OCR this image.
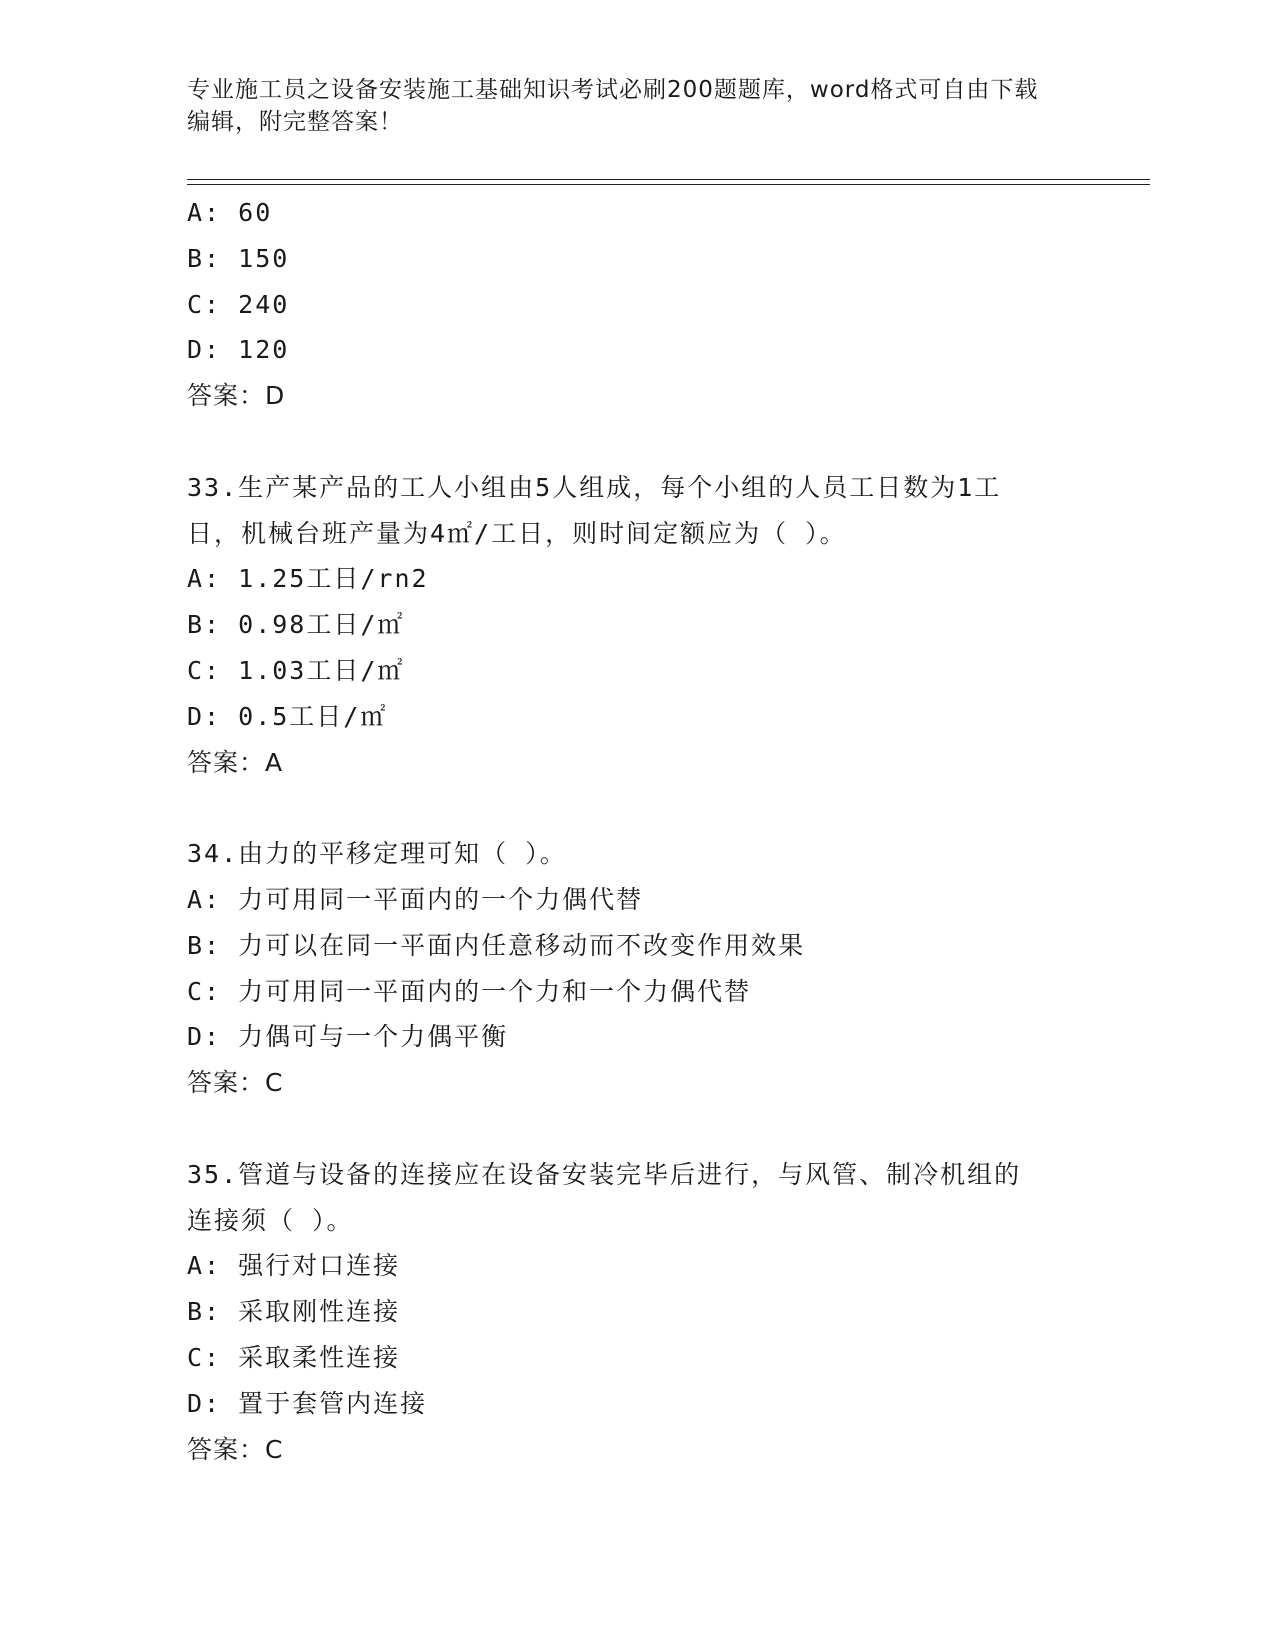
专业施工员之设备安装施工基础知识考试必刷200题题库，word格式可自由下载
编辑，附完整答案！
A: 60
B: 150
C: 240
D: 120
答案：D
33.生产某产品的工人小组由5人组成，每个小组的人员工日数为1工
日，机械台班产量为4㎡/工日，则时间定额应为（ ）。
A: 1.25工日/rn2
B: 0.98工日/㎡
C: 1.03工日/㎡
D: 0.5工日/㎡
答案：A
34.由力的平移定理可知（ ）。
A: 力可用同一平面内的一个力偶代替
B: 力可以在同一平面内任意移动而不改变作用效果
C: 力可用同一平面内的一个力和一个力偶代替
D: 力偶可与一个力偶平衡
答案：C
35.管道与设备的连接应在设备安装完毕后进行，与风管、制冷机组的
连接须（ ）。
A: 强行对口连接
B: 采取刚性连接
C: 采取柔性连接
D: 置于套管内连接
答案：C
